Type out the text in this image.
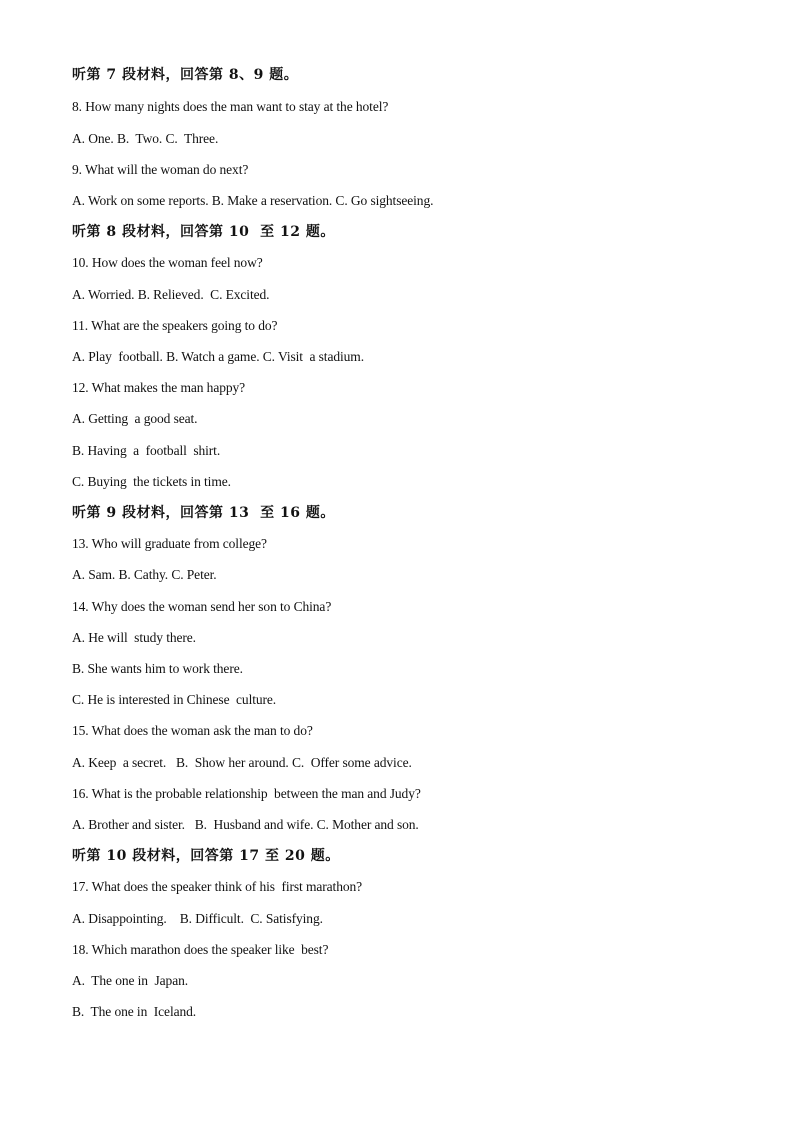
听第 7 段材料，回答第 8、9 题。
8. How many nights does the man want to stay at the hotel?
A. One. B.  Two. C.  Three.
9. What will the woman do next?
A. Work on some reports. B. Make a reservation. C. Go sightseeing.
听第 8 段材料，回答第 10  至 12 题。
10. How does the woman feel now?
A. Worried. B. Relieved.  C. Excited.
11. What are the speakers going to do?
A. Play  football. B. Watch a game. C. Visit  a stadium.
12. What makes the man happy?
A. Getting  a good seat.
B. Having  a  football  shirt.
C. Buying  the tickets in time.
听第 9 段材料，回答第 13  至 16 题。
13. Who will graduate from college?
A. Sam. B. Cathy. C. Peter.
14. Why does the woman send her son to China?
A. He will  study there.
B. She wants him to work there.
C. He is interested in Chinese  culture.
15. What does the woman ask the man to do?
A. Keep  a secret.   B.  Show her around. C.  Offer some advice.
16. What is the probable relationship  between the man and Judy?
A. Brother and sister.   B.  Husband and wife. C. Mother and son.
听第 10 段材料，回答第 17 至 20 题。
17. What does the speaker think of his  first marathon?
A. Disappointing.    B. Difficult.  C. Satisfying.
18. Which marathon does the speaker like  best?
A.  The one in  Japan.
B.  The one in  Iceland.
